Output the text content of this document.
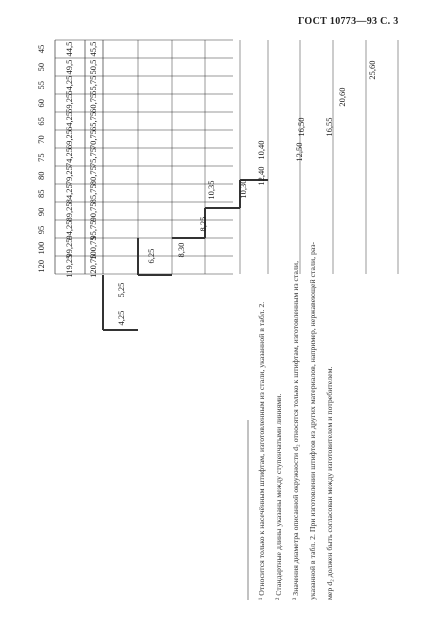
ГОСТ 10773—93 С. 3
45 44,5 45,5
50 49,5 50,5
55 54,25 55,75
60 59,25 60,75
65 64,25 65,75
70 69,25 70,75
75 74,25 75,75
80 79,25 80,75
85 84,25 85,75
90 89,25 90,75
95 94,25 95,75
100 99,25 100,75
120 119,25 120,75
4,25
5,25
6,25
8,25
8,30
10,30
10,35
10,40
12,40
12,50
16,50 16,55
20,60
25,60
¹ Относится только к насечённым штифтам, изготовленным из стали, указанной в табл. 2. ² Стандартные длины указаны между ступенчатыми линиями. ³ Значения диаметра описанной окружности d₂ относятся только к штифтам, изготовленным из стали, указанной в табл. 2. При изготовлении штифтов из других материалов, например, нержавеющей стали, раз- мер d₂ должен быть согласован между изготовителем и потребителем.
